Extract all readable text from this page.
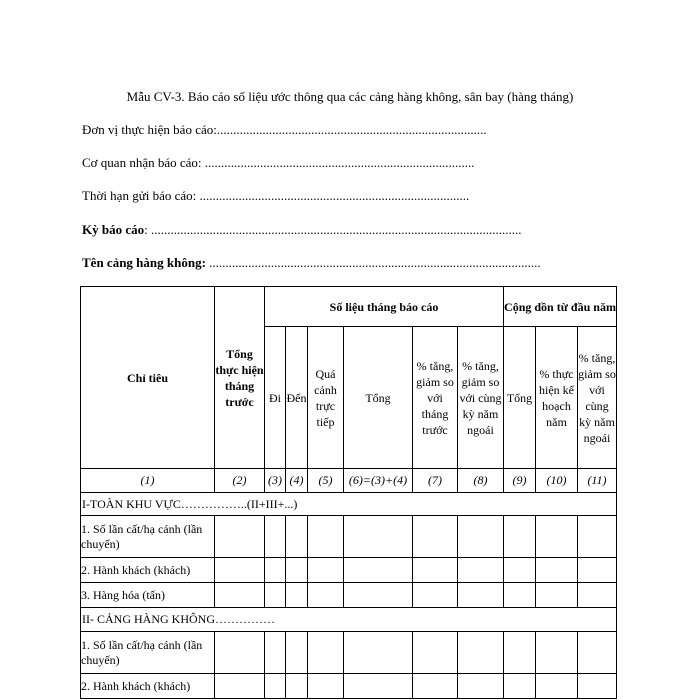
Mẫu CV-3. Báo cáo số liệu ước thông qua các cảng hàng không, sân bay (hàng tháng)
Đơn vị thực hiện báo cáo:...................................................................................
Cơ quan nhận báo cáo: ...................................................................................
Thời hạn gửi báo cáo: ...................................................................................
Kỳ báo cáo: ..................................................................................................................
Tên cảng hàng không: ......................................................................................................
Chỉ tiêu	Tổng thực hiện tháng trước	Số liệu tháng báo cáo						Cộng dồn từ đầu năm		
		Đi	Đến	Quá cảnh trực tiếp	Tổng	% tăng, giảm so với tháng trước	% tăng, giảm so với cùng kỳ năm ngoái	Tổng	% thực hiện kế hoạch năm	% tăng, giảm so với cùng kỳ năm ngoái
(1)	(2)	(3)	(4)	(5)	(6)=(3)+(4)	(7)	(8)	(9)	(10)	(11)
I-TOÀN KHU VỰC……………..(II+III+...)										
1. Số lần cất/hạ cánh (lần chuyến)										
2. Hành khách (khách)										
3. Hàng hóa (tấn)										
II- CẢNG HÀNG KHÔNG……………										
1. Số lần cất/hạ cánh (lần chuyến)										
2. Hành khách (khách)										
